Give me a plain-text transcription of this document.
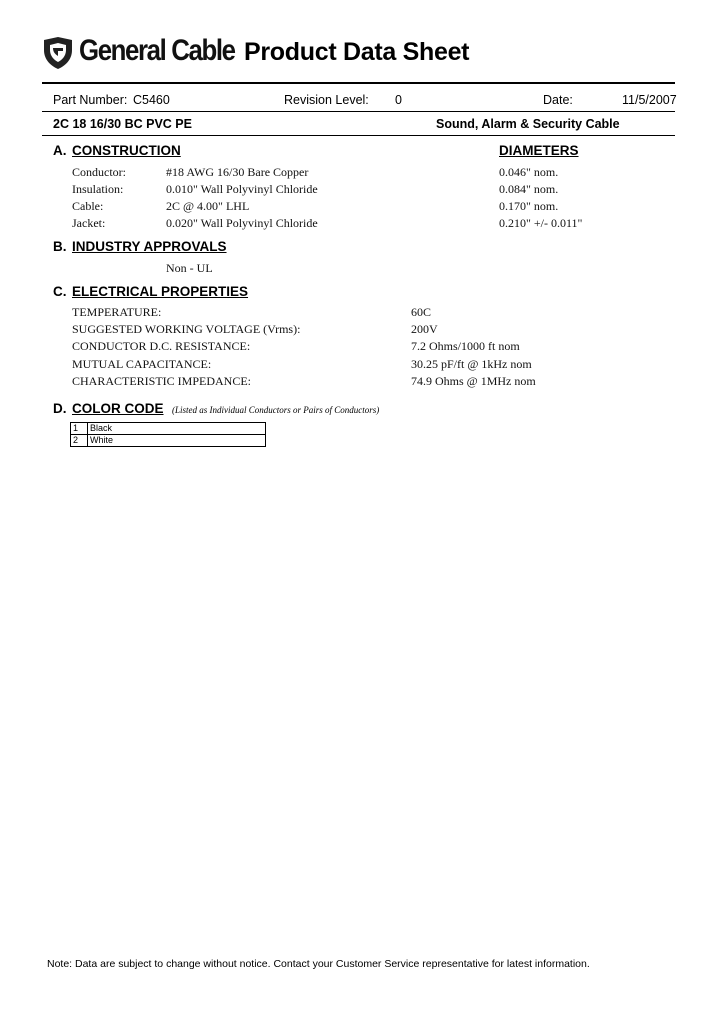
General Cable Product Data Sheet
Part Number: C5460	Revision Level: 0	Date:	11/5/2007
2C 18 16/30 BC PVC PE	Sound, Alarm & Security Cable
A. CONSTRUCTION	DIAMETERS
Conductor:	#18 AWG 16/30 Bare Copper	0.046" nom.
Insulation:	0.010" Wall Polyvinyl Chloride	0.084" nom.
Cable:	2C @ 4.00" LHL	0.170" nom.
Jacket:	0.020" Wall Polyvinyl Chloride	0.210" +/- 0.011"
B. INDUSTRY APPROVALS
Non - UL
C. ELECTRICAL PROPERTIES
TEMPERATURE:	60C
SUGGESTED WORKING VOLTAGE (Vrms):	200V
CONDUCTOR D.C. RESISTANCE:	7.2 Ohms/1000 ft nom
MUTUAL CAPACITANCE:	30.25 pF/ft @ 1kHz nom
CHARACTERISTIC IMPEDANCE:	74.9 Ohms @ 1MHz nom
D. COLOR CODE (Listed as Individual Conductors or Pairs of Conductors)
1	Black
2	White
Note: Data are subject to change without notice. Contact your Customer Service representative for latest information.
